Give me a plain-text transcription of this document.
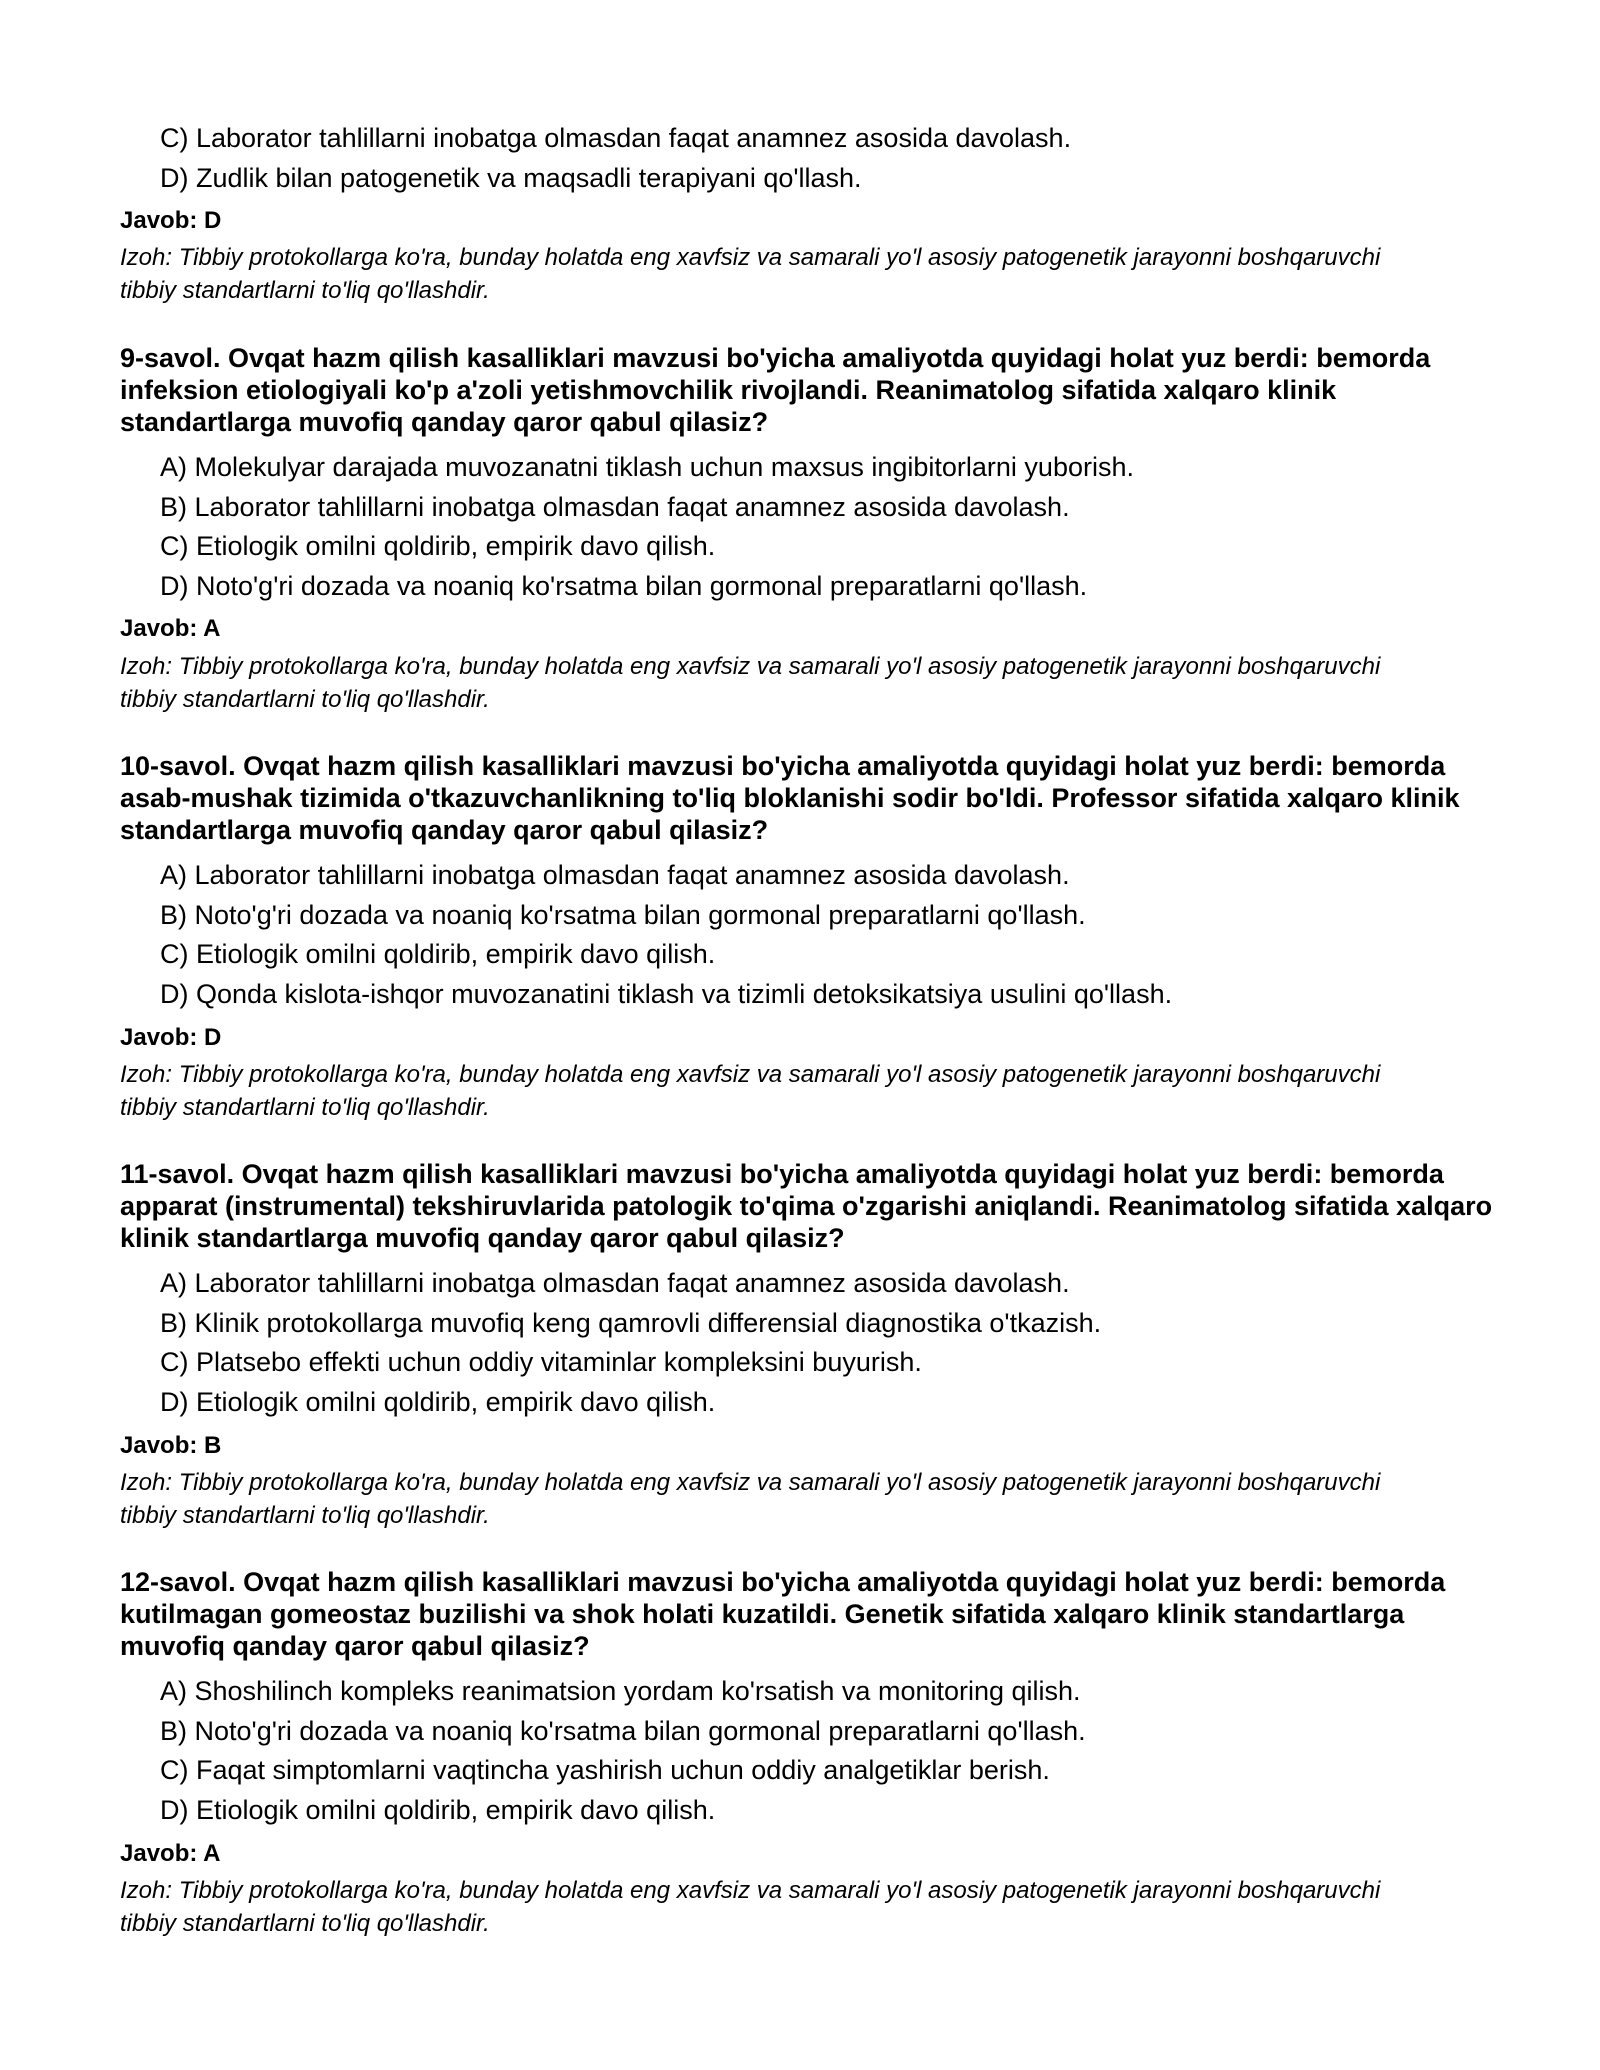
C) Laborator tahlillarni inobatga olmasdan faqat anamnez asosida davolash.
D) Zudlik bilan patogenetik va maqsadli terapiyani qo'llash.
Javob: D
Izoh: Tibbiy protokollarga ko'ra, bunday holatda eng xavfsiz va samarali yo'l asosiy patogenetik jarayonni boshqaruvchi tibbiy standartlarni to'liq qo'llashdir.
9-savol. Ovqat hazm qilish kasalliklari mavzusi bo'yicha amaliyotda quyidagi holat yuz berdi: bemorda infeksion etiologiyali ko'p a'zoli yetishmovchilik rivojlandi. Reanimatolog sifatida xalqaro klinik standartlarga muvofiq qanday qaror qabul qilasiz?
A) Molekulyar darajada muvozanatni tiklash uchun maxsus ingibitorlarni yuborish.
B) Laborator tahlillarni inobatga olmasdan faqat anamnez asosida davolash.
C) Etiologik omilni qoldirib, empirik davo qilish.
D) Noto'g'ri dozada va noaniq ko'rsatma bilan gormonal preparatlarni qo'llash.
Javob: A
Izoh: Tibbiy protokollarga ko'ra, bunday holatda eng xavfsiz va samarali yo'l asosiy patogenetik jarayonni boshqaruvchi tibbiy standartlarni to'liq qo'llashdir.
10-savol. Ovqat hazm qilish kasalliklari mavzusi bo'yicha amaliyotda quyidagi holat yuz berdi: bemorda asab-mushak tizimida o'tkazuvchanlikning to'liq bloklanishi sodir bo'ldi. Professor sifatida xalqaro klinik standartlarga muvofiq qanday qaror qabul qilasiz?
A) Laborator tahlillarni inobatga olmasdan faqat anamnez asosida davolash.
B) Noto'g'ri dozada va noaniq ko'rsatma bilan gormonal preparatlarni qo'llash.
C) Etiologik omilni qoldirib, empirik davo qilish.
D) Qonda kislota-ishqor muvozanatini tiklash va tizimli detoksikatsiya usulini qo'llash.
Javob: D
Izoh: Tibbiy protokollarga ko'ra, bunday holatda eng xavfsiz va samarali yo'l asosiy patogenetik jarayonni boshqaruvchi tibbiy standartlarni to'liq qo'llashdir.
11-savol. Ovqat hazm qilish kasalliklari mavzusi bo'yicha amaliyotda quyidagi holat yuz berdi: bemorda apparat (instrumental) tekshiruvlarida patologik to'qima o'zgarishi aniqlandi. Reanimatolog sifatida xalqaro klinik standartlarga muvofiq qanday qaror qabul qilasiz?
A) Laborator tahlillarni inobatga olmasdan faqat anamnez asosida davolash.
B) Klinik protokollarga muvofiq keng qamrovli differensial diagnostika o'tkazish.
C) Platsebo effekti uchun oddiy vitaminlar kompleksini buyurish.
D) Etiologik omilni qoldirib, empirik davo qilish.
Javob: B
Izoh: Tibbiy protokollarga ko'ra, bunday holatda eng xavfsiz va samarali yo'l asosiy patogenetik jarayonni boshqaruvchi tibbiy standartlarni to'liq qo'llashdir.
12-savol. Ovqat hazm qilish kasalliklari mavzusi bo'yicha amaliyotda quyidagi holat yuz berdi: bemorda kutilmagan gomeostaz buzilishi va shok holati kuzatildi. Genetik sifatida xalqaro klinik standartlarga muvofiq qanday qaror qabul qilasiz?
A) Shoshilinch kompleks reanimatsion yordam ko'rsatish va monitoring qilish.
B) Noto'g'ri dozada va noaniq ko'rsatma bilan gormonal preparatlarni qo'llash.
C) Faqat simptomlarni vaqtincha yashirish uchun oddiy analgetiklar berish.
D) Etiologik omilni qoldirib, empirik davo qilish.
Javob: A
Izoh: Tibbiy protokollarga ko'ra, bunday holatda eng xavfsiz va samarali yo'l asosiy patogenetik jarayonni boshqaruvchi tibbiy standartlarni to'liq qo'llashdir.
